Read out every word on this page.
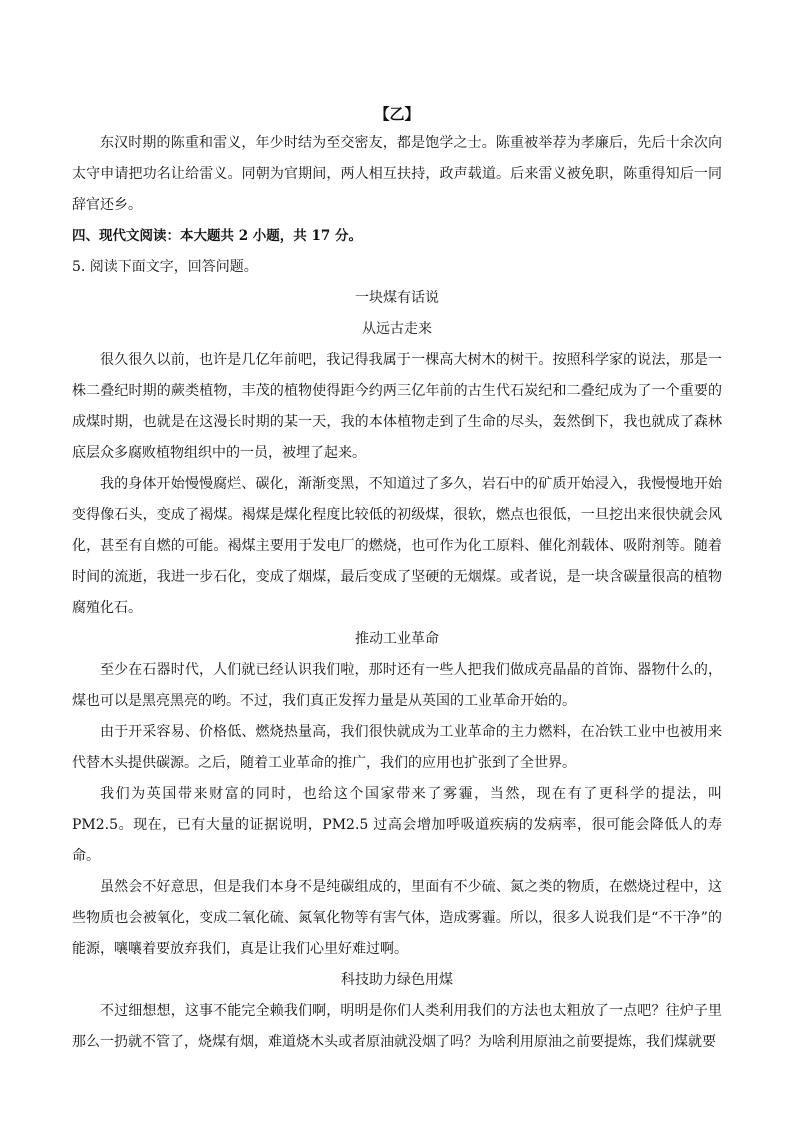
【乙】

东汉时期的陈重和雷义，年少时结为至交密友，都是饱学之士。陈重被举荐为孝廉后，先后十余次向太守申请把功名让给雷义。同朝为官期间，两人相互扶持，政声载道。后来雷义被免职，陈重得知后一同辞官还乡。

四、现代文阅读：本大题共 2 小题，共 17 分。

5. 阅读下面文字，回答问题。

一块煤有话说

从远古走来

很久很久以前，也许是几亿年前吧，我记得我属于一棵高大树木的树干。按照科学家的说法，那是一株二叠纪时期的蕨类植物，丰茂的植物使得距今约两三亿年前的古生代石炭纪和二叠纪成为了一个重要的成煤时期，也就是在这漫长时期的某一天，我的本体植物走到了生命的尽头，轰然倒下，我也就成了森林底层众多腐败植物组织中的一员，被埋了起来。

我的身体开始慢慢腐烂、碳化，渐渐变黑，不知道过了多久，岩石中的矿质开始浸入，我慢慢地开始变得像石头，变成了褐煤。褐煤是煤化程度比较低的初级煤，很软，燃点也很低，一旦挖出来很快就会风化，甚至有自燃的可能。褐煤主要用于发电厂的燃烧，也可作为化工原料、催化剂载体、吸附剂等。随着时间的流逝，我进一步石化，变成了烟煤，最后变成了坚硬的无烟煤。或者说，是一块含碳量很高的植物腐殖化石。

推动工业革命

至少在石器时代，人们就已经认识我们啦，那时还有一些人把我们做成亮晶晶的首饰、器物什么的，煤也可以是黑亮黑亮的哟。不过，我们真正发挥力量是从英国的工业革命开始的。

由于开采容易、价格低、燃烧热量高，我们很快就成为工业革命的主力燃料，在冶铁工业中也被用来代替木头提供碳源。之后，随着工业革命的推广，我们的应用也扩张到了全世界。

我们为英国带来财富的同时，也给这个国家带来了雾霾，当然，现在有了更科学的提法，叫 PM2.5。现在，已有大量的证据说明，PM2.5 过高会增加呼吸道疾病的发病率，很可能会降低人的寿命。

虽然会不好意思，但是我们本身不是纯碳组成的，里面有不少硫、氮之类的物质，在燃烧过程中，这些物质也会被氧化，变成二氧化硫、氮氧化物等有害气体，造成雾霾。所以，很多人说我们是“不干净”的能源，嚷嚷着要放弃我们，真是让我们心里好难过啊。

科技助力绿色用煤

不过细想想，这事不能完全赖我们啊，明明是你们人类利用我们的方法也太粗放了一点吧？往炉子里那么一扔就不管了，烧煤有烟，难道烧木头或者原油就没烟了吗？为啥利用原油之前要提炼，我们煤就要
